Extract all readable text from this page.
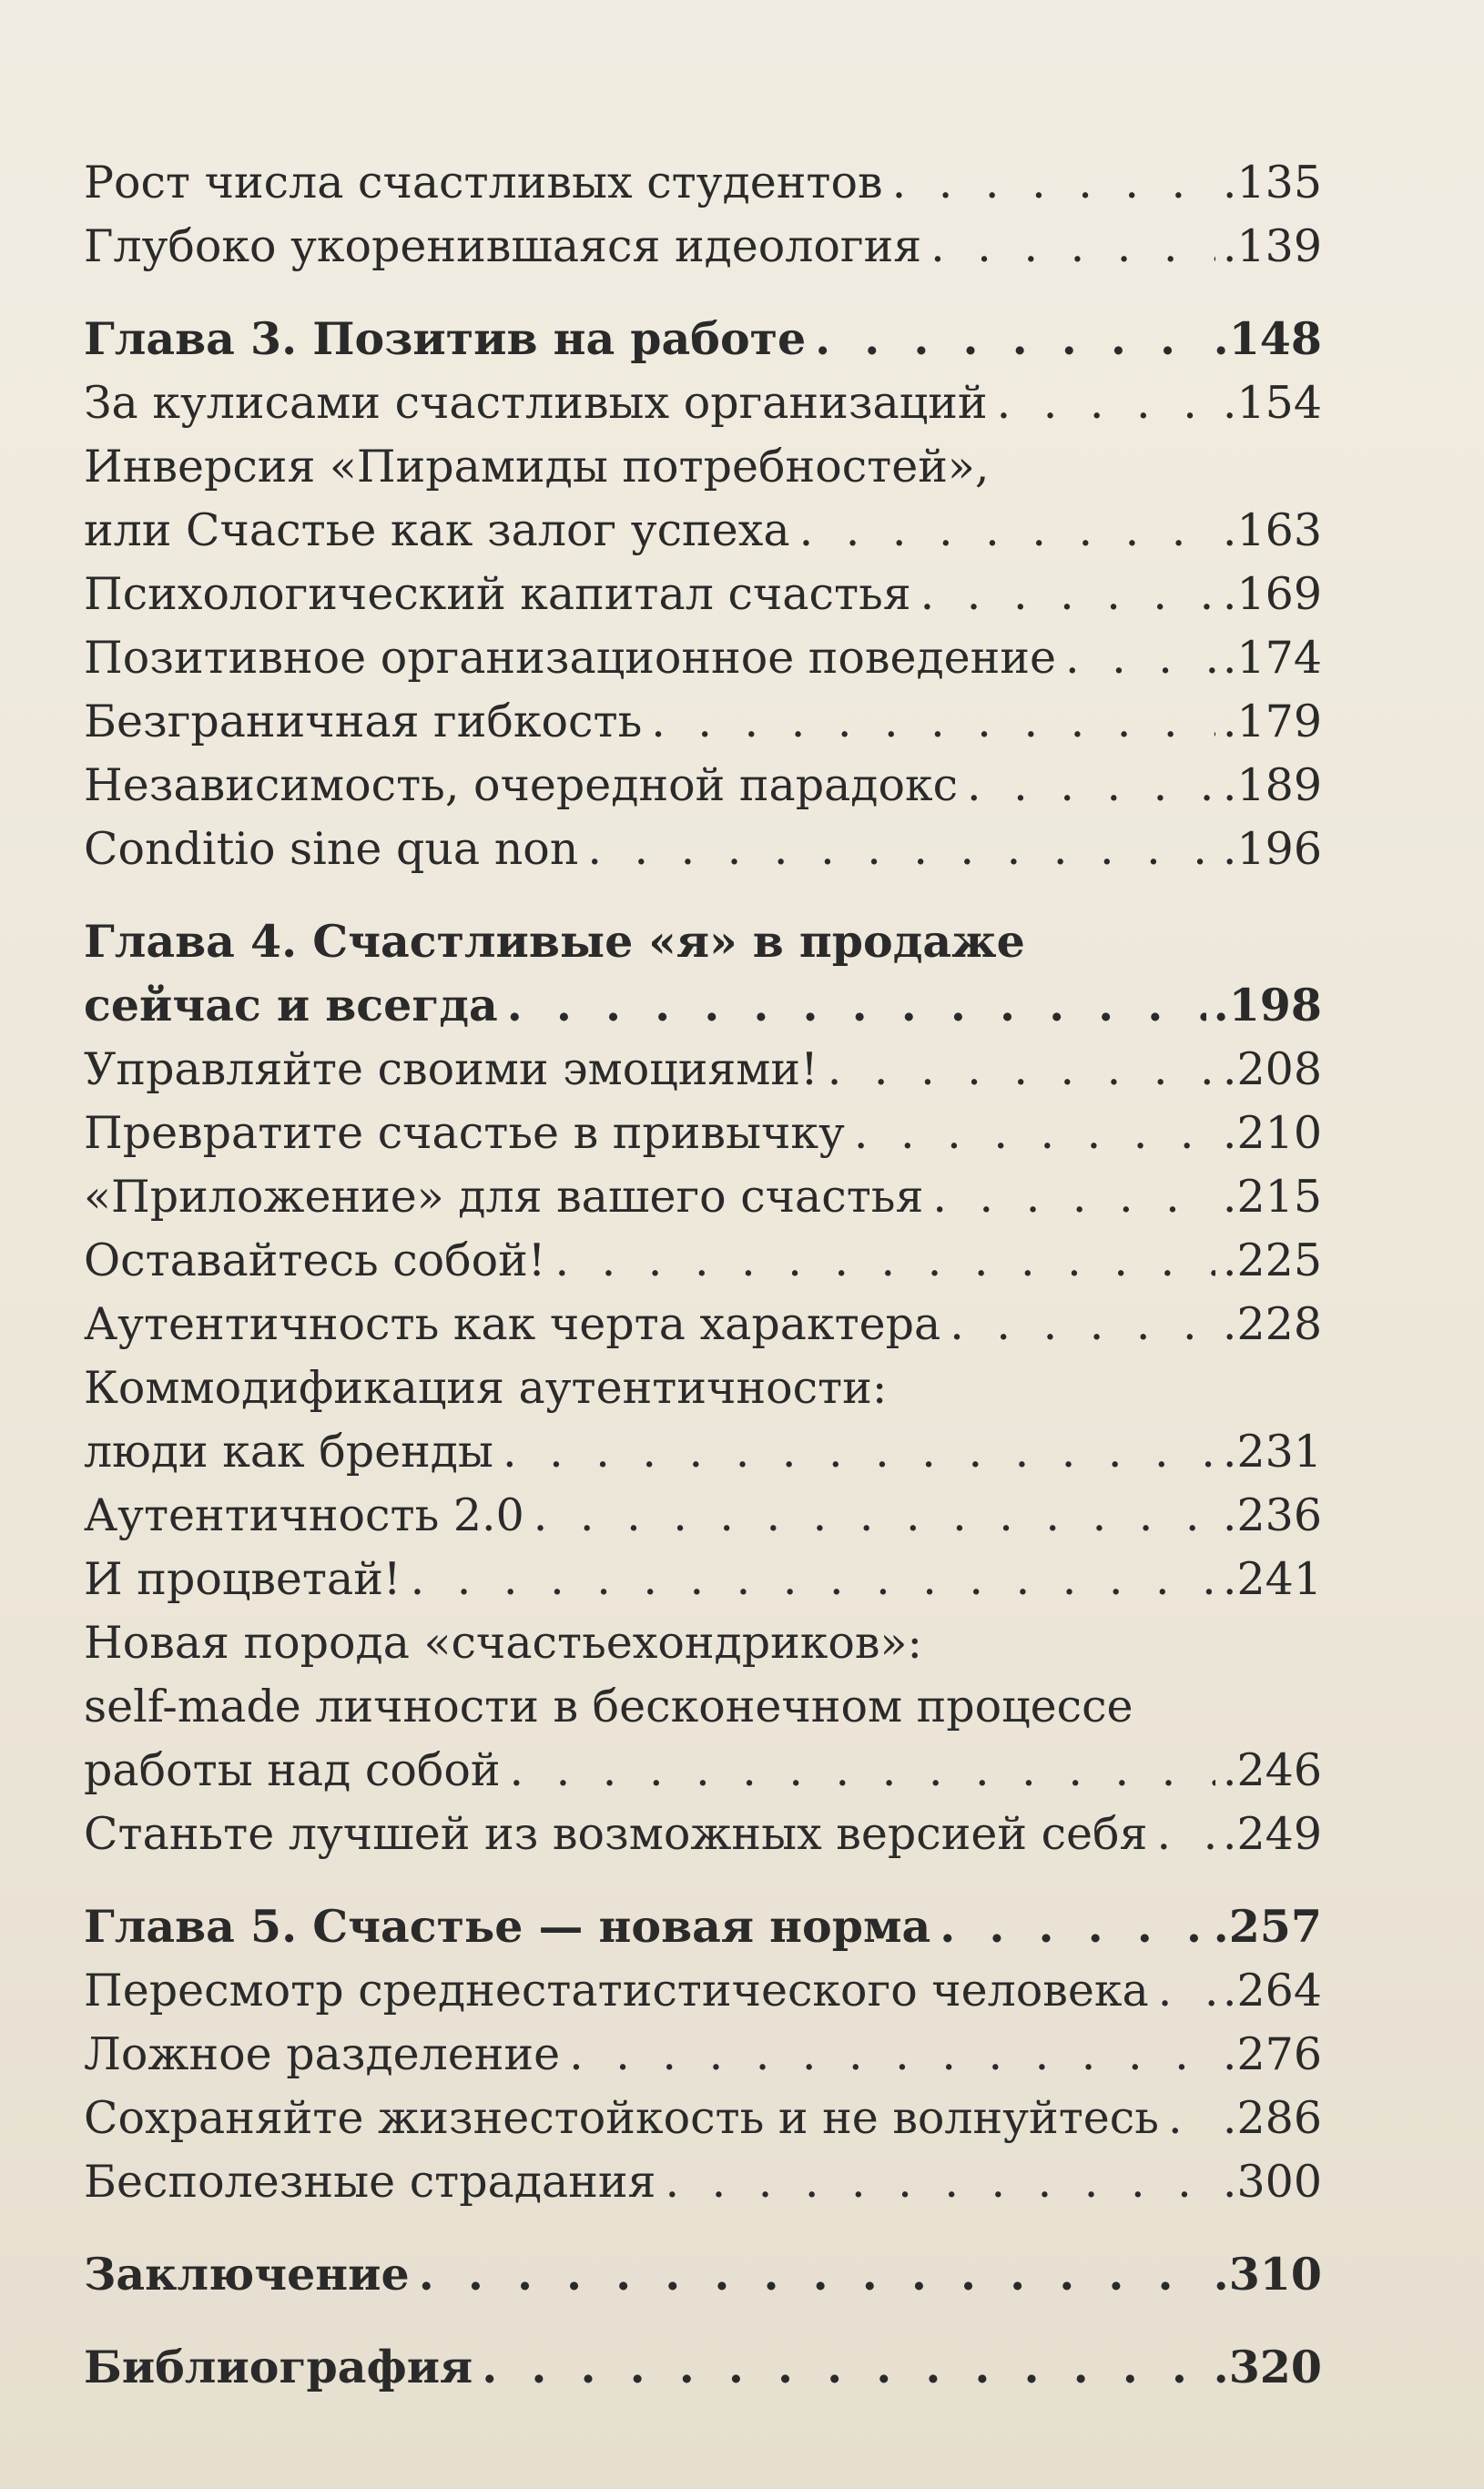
Рост числа счастливых студентов . . .	.135
Глубоко укоренившаяся идеология . . .	.139
Глава 3. Позитив на работе . . .	.148
За кулисами счастливых организаций . . .	.154
Инверсия «Пирамиды потребностей»,
или Счастье как залог успеха . . .	.163
Психологический капитал счастья . . .	.169
Позитивное организационное поведение . . .	.174
Безграничная гибкость . . .	.179
Независимость, очередной парадокс . . .	.189
Conditio sine qua non . . .	.196
Глава 4. Счастливые «я» в продаже
сейчас и всегда . . .	.198
Управляйте своими эмоциями! . . .	.208
Превратите счастье в привычку . . .	.210
«Приложение» для вашего счастья . . .	.215
Оставайтесь собой! . . .	.225
Аутентичность как черта характера . . .	.228
Коммодификация аутентичности:
люди как бренды . . .	.231
Аутентичность 2.0 . . .	.236
И процветай! . . .	.241
Новая порода «счастьехондриков»:
self-made личности в бесконечном процессе
работы над собой . . .	.246
Станьте лучшей из возможных версией себя . . . .249
Глава 5. Счастье — новая норма . . .	.257
Пересмотр среднестатистического человека . . . .264
Ложное разделение . . .	.276
Сохраняйте жизнестойкость и не волнуйтесь . . . .286
Бесполезные страдания . . .	.300
Заключение . . .	.310
Библиография . . .	.320
